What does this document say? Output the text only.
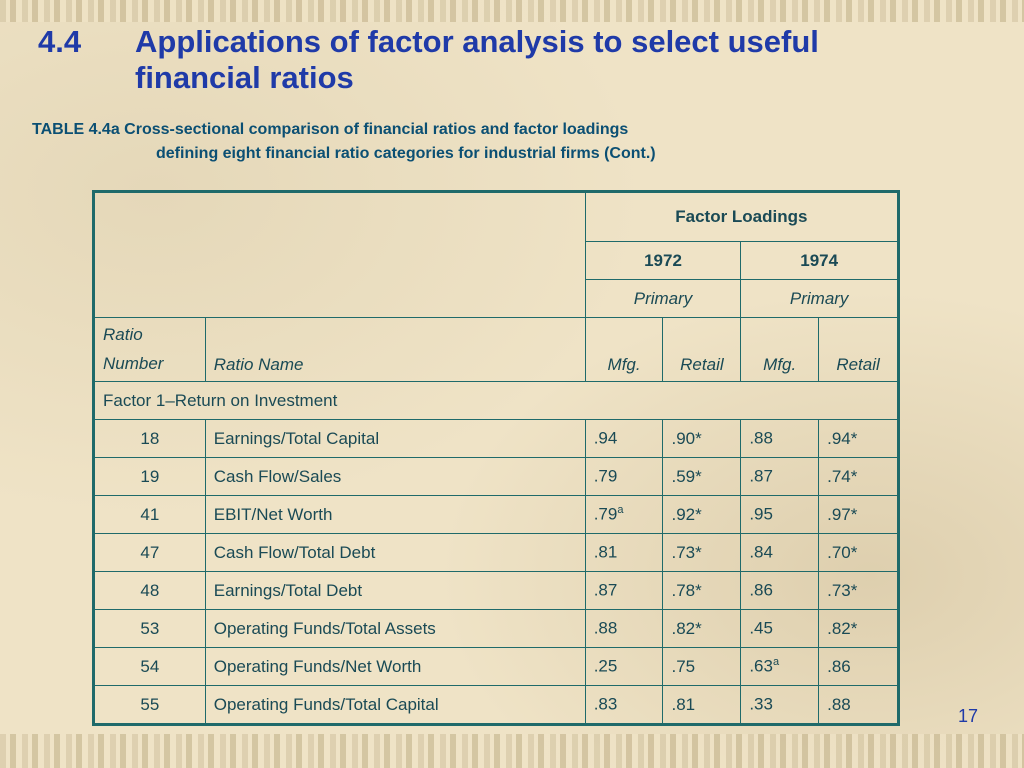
4.4	Applications of factor analysis to select useful financial ratios
TABLE 4.4a Cross-sectional comparison of financial ratios and factor loadings
defining eight financial ratio categories for industrial firms (Cont.)
		Factor Loadings			
		1972		1974	
		Primary		Primary	

Ratio
Number	Ratio Name	Mfg.	Retail	Mfg.	Retail
Factor 1–Return on Investment					
18	Earnings/Total Capital	.94	.90*	.88	.94*
19	Cash Flow/Sales	.79	.59*	.87	.74*
41	EBIT/Net Worth	.79$^a$	.92*	.95	.97*
47	Cash Flow/Total Debt	.81	.73*	.84	.70*
48	Earnings/Total Debt	.87	.78*	.86	.73*
53	Operating Funds/Total Assets	.88	.82*	.45	.82*
54	Operating Funds/Net Worth	.25	.75	.63$^a$	.86
55	Operating Funds/Total Capital	.83	.81	.33	.88
17
